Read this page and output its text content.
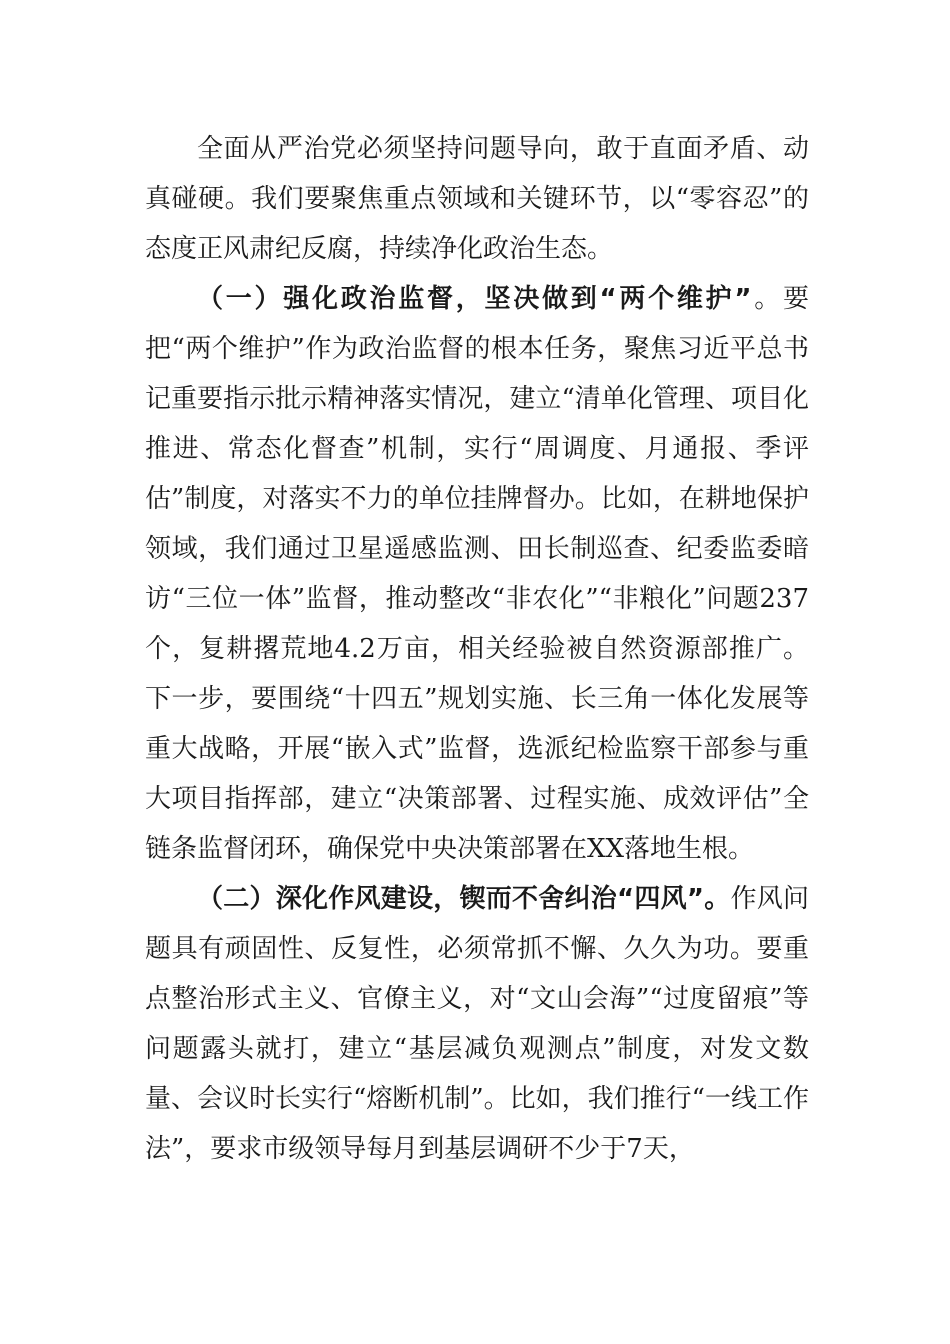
全面从严治党必须坚持问题导向，敢于直面矛盾、动真碰硬。我们要聚焦重点领域和关键环节，以“零容忍”的态度正风肃纪反腐，持续净化政治生态。

（一）强化政治监督，坚决做到“两个维护”。要把“两个维护”作为政治监督的根本任务，聚焦习近平总书记重要指示批示精神落实情况，建立“清单化管理、项目化推进、常态化督查”机制，实行“周调度、月通报、季评估”制度，对落实不力的单位挂牌督办。比如，在耕地保护领域，我们通过卫星遥感监测、田长制巡查、纪委监委暗访“三位一体”监督，推动整改“非农化”“非粮化”问题237个，复耕撂荒地4.2万亩，相关经验被自然资源部推广。下一步，要围绕“十四五”规划实施、长三角一体化发展等重大战略，开展“嵌入式”监督，选派纪检监察干部参与重大项目指挥部，建立“决策部署、过程实施、成效评估”全链条监督闭环，确保党中央决策部署在XX落地生根。

（二）深化作风建设，锲而不舍纠治“四风”。作风问题具有顽固性、反复性，必须常抓不懈、久久为功。要重点整治形式主义、官僚主义，对“文山会海”“过度留痕”等问题露头就打，建立“基层减负观测点”制度，对发文数量、会议时长实行“熔断机制”。比如，我们推行“一线工作法”，要求市级领导每月到基层调研不少于7天，
